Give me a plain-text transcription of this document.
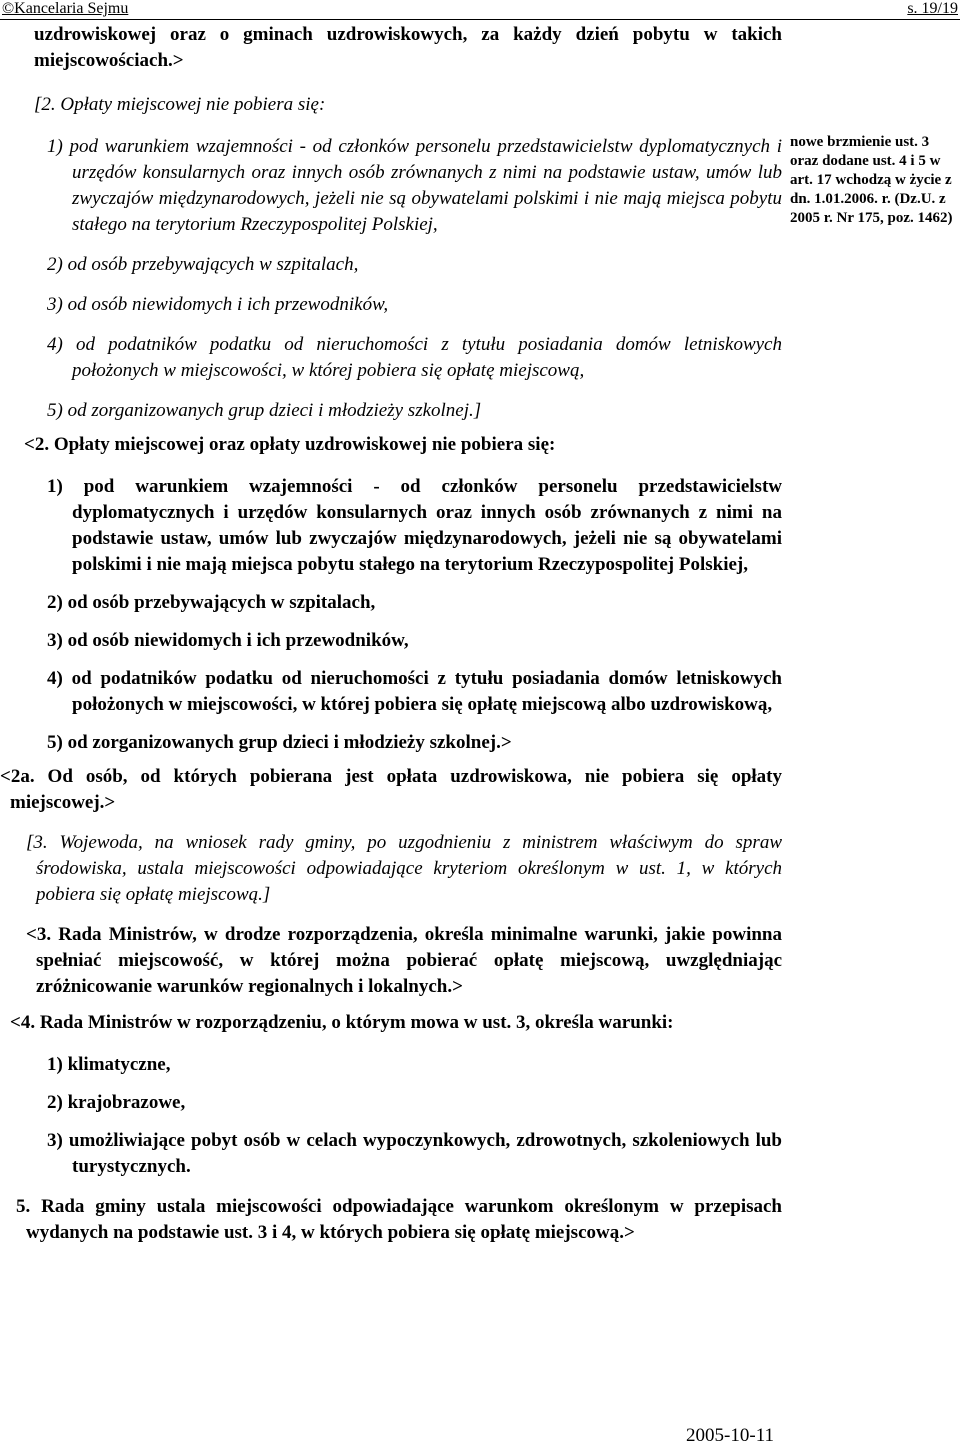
©Kancelaria Sejmu	s. 19/19
uzdrowiskowej oraz o gminach uzdrowiskowych, za każdy dzień pobytu w takich miejscowościach.>
[2. Opłaty miejscowej nie pobiera się:
1) pod warunkiem wzajemności - od członków personelu przedstawicielstw dyplomatycznych i urzędów konsularnych oraz innych osób zrównanych z nimi na podstawie ustaw, umów lub zwyczajów międzynarodowych, jeżeli nie są obywatelami polskimi i nie mają miejsca pobytu stałego na terytorium Rzeczypospolitej Polskiej,
2) od osób przebywających w szpitalach,
3) od osób niewidomych i ich przewodników,
4) od podatników podatku od nieruchomości z tytułu posiadania domów letniskowych położonych w miejscowości, w której pobiera się opłatę miejscową,
5) od zorganizowanych grup dzieci i młodzieży szkolnej.]
<2. Opłaty miejscowej oraz opłaty uzdrowiskowej nie pobiera się:
1) pod warunkiem wzajemności - od członków personelu przedstawicielstw dyplomatycznych i urzędów konsularnych oraz innych osób zrównanych z nimi na podstawie ustaw, umów lub zwyczajów międzynarodowych, jeżeli nie są obywatelami polskimi i nie mają miejsca pobytu stałego na terytorium Rzeczypospolitej Polskiej,
2) od osób przebywających w szpitalach,
3) od osób niewidomych i ich przewodników,
4) od podatników podatku od nieruchomości z tytułu posiadania domów letniskowych położonych w miejscowości, w której pobiera się opłatę miejscową albo uzdrowiskową,
5) od zorganizowanych grup dzieci i młodzieży szkolnej.>
<2a. Od osób, od których pobierana jest opłata uzdrowiskowa, nie pobiera się opłaty miejscowej.>
[3. Wojewoda, na wniosek rady gminy, po uzgodnieniu z ministrem właściwym do spraw środowiska, ustala miejscowości odpowiadające kryteriom określonym w ust. 1, w których pobiera się opłatę miejscową.]
<3. Rada Ministrów, w drodze rozporządzenia, określa minimalne warunki, jakie powinna spełniać miejscowość, w której można pobierać opłatę miejscową, uwzględniając zróżnicowanie warunków regionalnych i lokalnych.>
<4. Rada Ministrów w rozporządzeniu, o którym mowa w ust. 3, określa warunki:
1) klimatyczne,
2) krajobrazowe,
3) umożliwiające pobyt osób w celach wypoczynkowych, zdrowotnych, szkoleniowych lub turystycznych.
5. Rada gminy ustala miejscowości odpowiadające warunkom określonym w przepisach wydanych na podstawie ust. 3 i 4, w których pobiera się opłatę miejscową.>
nowe brzmienie ust. 3 oraz dodane ust. 4 i 5 w art. 17 wchodzą w życie z dn. 1.01.2006. r. (Dz.U. z 2005 r. Nr 175, poz. 1462)
2005-10-11
